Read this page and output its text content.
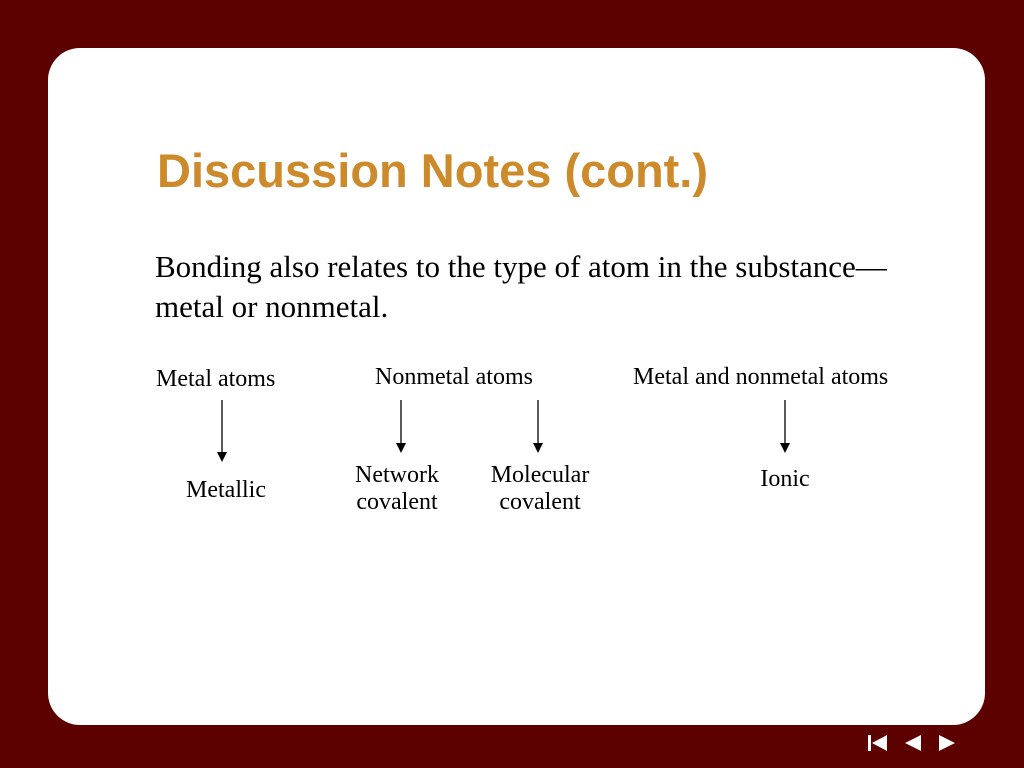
Discussion Notes (cont.)

Bonding also relates to the type of atom in the substance—metal or nonmetal.

Metal atoms
Metallic
Nonmetal atoms
Network
covalent
Molecular
covalent
Metal and nonmetal atoms
Ionic
